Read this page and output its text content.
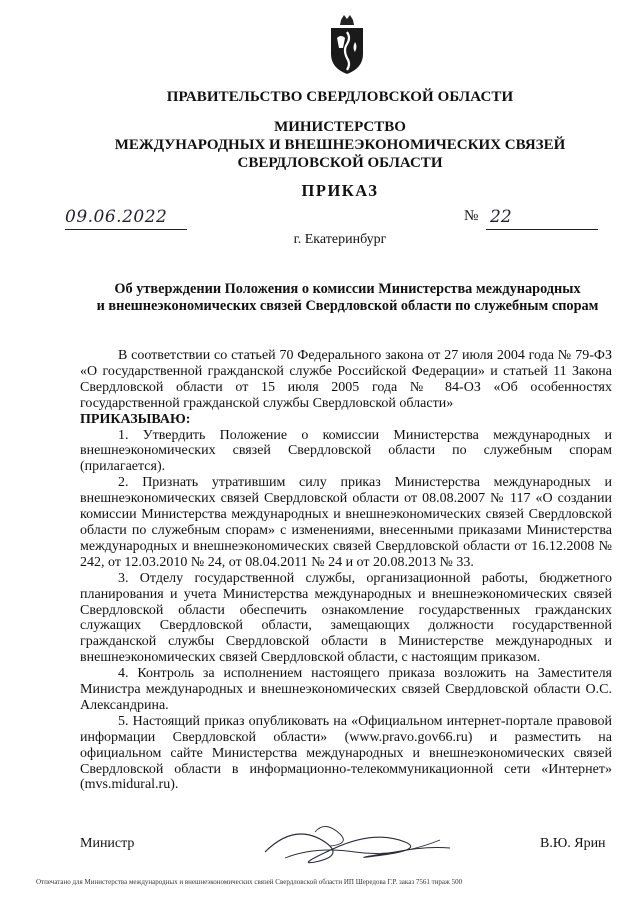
ПРАВИТЕЛЬСТВО СВЕРДЛОВСКОЙ ОБЛАСТИ
МИНИСТЕРСТВО
МЕЖДУНАРОДНЫХ И ВНЕШНЕЭКОНОМИЧЕСКИХ СВЯЗЕЙ
СВЕРДЛОВСКОЙ ОБЛАСТИ
ПРИКАЗ
09.06.2022	№ 22
г. Екатеринбург
Об утверждении Положения о комиссии Министерства международных
и внешнеэкономических связей Свердловской области по служебным спорам

В соответствии со статьей 70 Федерального закона от 27 июля 2004 года № 79-ФЗ «О государственной гражданской службе Российской Федерации» и статьей 11 Закона Свердловской области от 15 июля 2005 года № 84-ОЗ «Об особенностях государственной гражданской службы Свердловской области»

ПРИКАЗЫВАЮ:

1. Утвердить Положение о комиссии Министерства международных и внешнеэкономических связей Свердловской области по служебным спорам (прилагается).

2. Признать утратившим силу приказ Министерства международных и внешнеэкономических связей Свердловской области от 08.08.2007 № 117 «О создании комиссии Министерства международных и внешнеэкономических связей Свердловской области по служебным спорам» с изменениями, внесенными приказами Министерства международных и внешнеэкономических связей Свердловской области от 16.12.2008 № 242, от 12.03.2010 № 24, от 08.04.2011 № 24 и от 20.08.2013 № 33.

3. Отделу государственной службы, организационной работы, бюджетного планирования и учета Министерства международных и внешнеэкономических связей Свердловской области обеспечить ознакомление государственных гражданских служащих Свердловской области, замещающих должности государственной гражданской службы Свердловской области в Министерстве международных и внешнеэкономических связей Свердловской области, с настоящим приказом.

4. Контроль за исполнением настоящего приказа возложить на Заместителя Министра международных и внешнеэкономических связей Свердловской области О.С. Александрина.

5. Настоящий приказ опубликовать на «Официальном интернет-портале правовой информации Свердловской области» (www.pravo.gov66.ru) и разместить на официальном сайте Министерства международных и внешнеэкономических связей Свердловской области в информационно-телекоммуникационной сети «Интернет» (mvs.midural.ru).

Министр	В.Ю. Ярин
Отпечатано для Министерства международных и внешнеэкономических связей Свердловской области ИП Шередова Г.Р. заказ 7561 тираж 500
